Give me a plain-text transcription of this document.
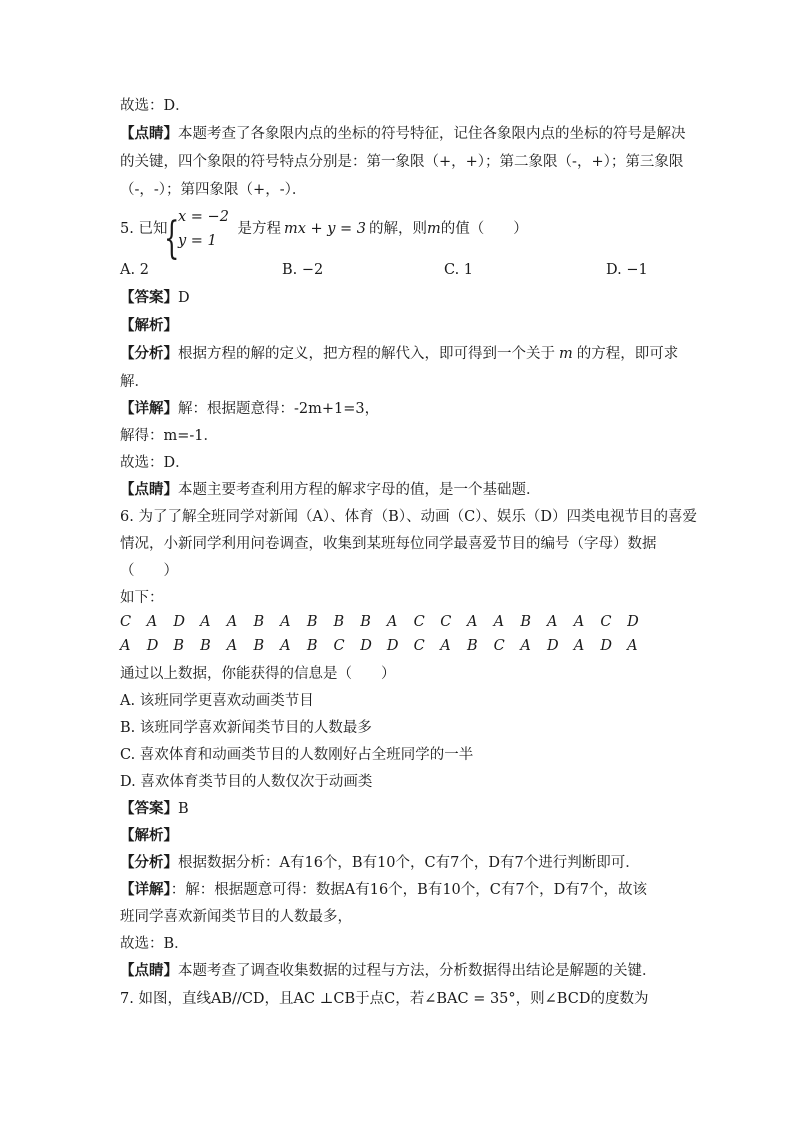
故选：D．
【点睛】本题考查了各象限内点的坐标的符号特征，记住各象限内点的坐标的符号是解决
的关键，四个象限的符号特点分别是：第一象限（+，+）；第二象限（-，+）；第三象限
（-，-）；第四象限（+，-）．
5. 已知	是方程 mx + y = 3 的解，则m的值（　　）
{
x = −2
y = 1
A. 2	B. −2	C. 1	D. −1
【答案】D
【解析】
【分析】根据方程的解的定义，把方程的解代入，即可得到一个关于 m 的方程，即可求
解．
【详解】解：根据题意得：-2m+1=3，
解得：m=-1．
故选：D．
【点睛】本题主要考查利用方程的解求字母的值，是一个基础题．
6. 为了了解全班同学对新闻（A）、体育（B）、动画（C）、娱乐（D）四类电视节目的喜爱
情况，小新同学利用问卷调查，收集到某班每位同学最喜爱节目的编号（字母）数据
（　　）
如下：
C A D A A B A B B B A C C A A B A A C D
A D B B A B A B C D D C A B C A D A D A
通过以上数据，你能获得的信息是（　　）
A. 该班同学更喜欢动画类节目
B. 该班同学喜欢新闻类节目的人数最多
C. 喜欢体育和动画类节目的人数刚好占全班同学的一半
D. 喜欢体育类节目的人数仅次于动画类
【答案】B
【解析】
【分析】根据数据分析：A有16个，B有10个，C有7个，D有7个进行判断即可．
【详解】：解：根据题意可得：数据A有16个，B有10个，C有7个，D有7个，故该
班同学喜欢新闻类节目的人数最多，
故选：B．
【点睛】本题考查了调查收集数据的过程与方法，分析数据得出结论是解题的关键．
7. 如图，直线AB//CD，且AC ⊥CB于点C，若∠BAC = 35°，则∠BCD的度数为
